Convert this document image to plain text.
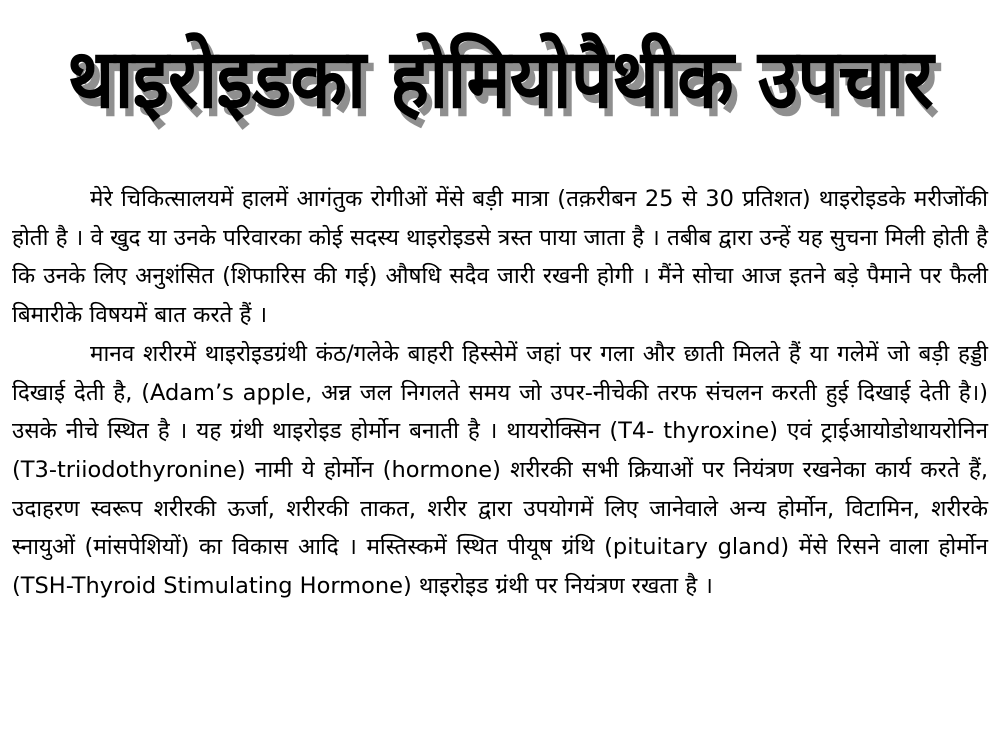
थाइरोइडका होमियोपैथीक उपचार

मेरे चिकित्सालयमें हालमें आगंतुक रोगीओं मेंसे बड़ी मात्रा (तक़रीबन 25 से 30 प्रतिशत) थाइरोइडके मरीजोंकी होती है । वे खुद या उनके परिवारका कोई सदस्य थाइरोइडसे त्रस्त पाया जाता है । तबीब द्वारा उन्हें यह सुचना मिली होती है कि उनके लिए अनुशंसित (शिफारिस की गई) औषधि सदैव जारी रखनी होगी । मैंने सोचा आज इतने बड़े पैमाने पर फैली बिमारीके विषयमें बात करते हैं ।

मानव शरीरमें थाइरोइडग्रंथी कंठ/गलेके बाहरी हिस्सेमें जहां पर गला और छाती मिलते हैं या गलेमें जो बड़ी हड्डी दिखाई देती है, (Adam’s apple, अन्न जल निगलते समय जो उपर-नीचेकी तरफ संचलन करती हुई दिखाई देती है।) उसके नीचे स्थित है । यह ग्रंथी थाइरोइड होर्मोन बनाती है । थायरोक्सिन (T4- thyroxine) एवं ट्राईआयोडोथायरोनिन (T3-triiodothyronine) नामी ये होर्मोन (hormone) शरीरकी सभी क्रियाओं पर नियंत्रण रखनेका कार्य करते हैं, उदाहरण स्वरूप शरीरकी ऊर्जा, शरीरकी ताकत, शरीर द्वारा उपयोगमें लिए जानेवाले अन्य होर्मोन, विटामिन, शरीरके स्नायुओं (मांसपेशियों) का विकास आदि । मस्तिस्कमें स्थित पीयूष ग्रंथि (pituitary gland) मेंसे रिसने वाला होर्मोन (TSH-Thyroid Stimulating Hormone) थाइरोइड ग्रंथी पर नियंत्रण रखता है ।
